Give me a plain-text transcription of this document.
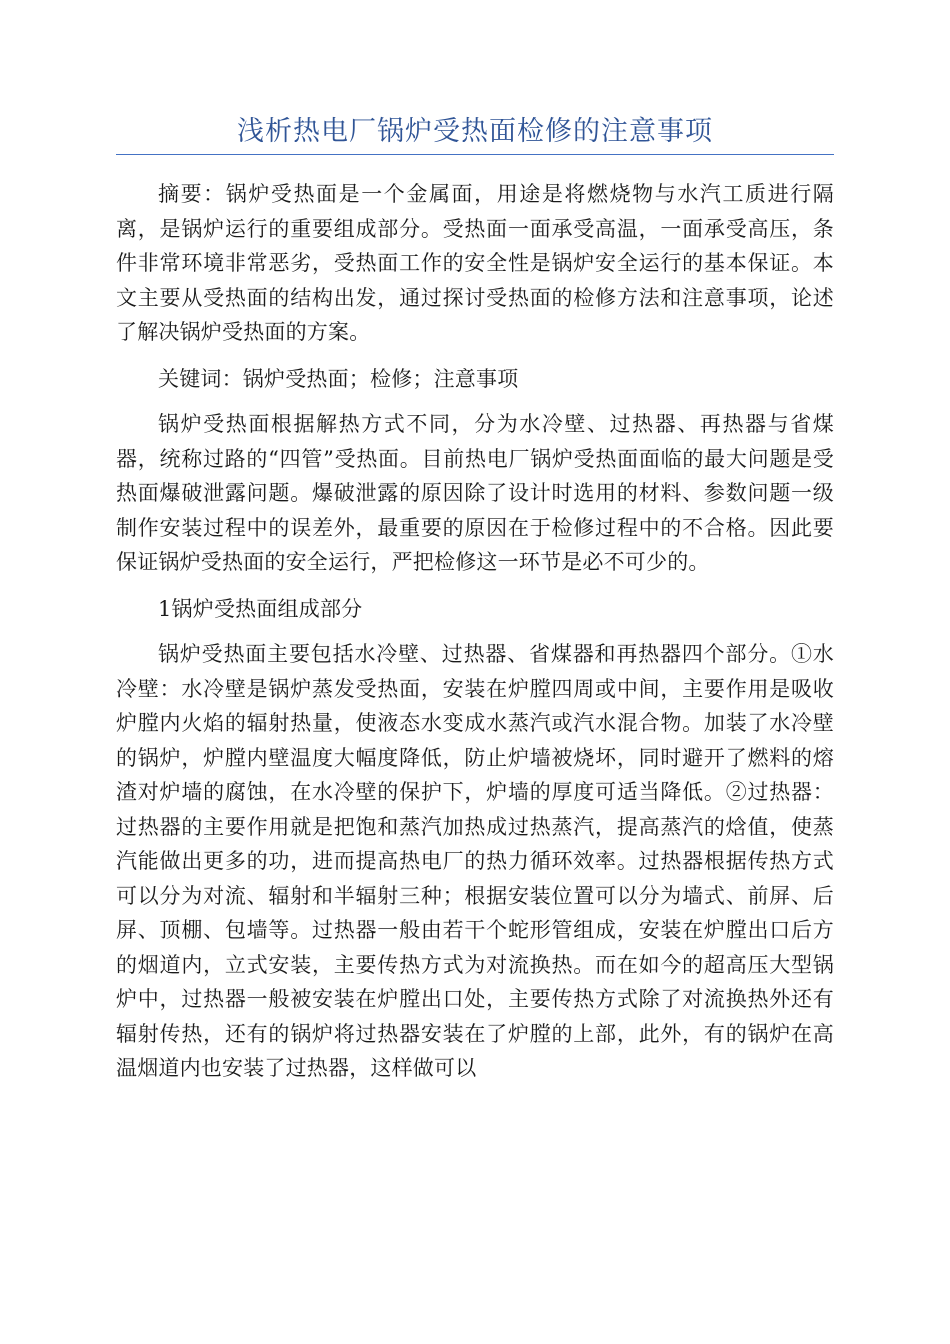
浅析热电厂锅炉受热面检修的注意事项

摘要：锅炉受热面是一个金属面，用途是将燃烧物与水汽工质进行隔离，是锅炉运行的重要组成部分。受热面一面承受高温，一面承受高压，条件非常环境非常恶劣，受热面工作的安全性是锅炉安全运行的基本保证。本文主要从受热面的结构出发，通过探讨受热面的检修方法和注意事项，论述了解决锅炉受热面的方案。

关键词：锅炉受热面；检修；注意事项

锅炉受热面根据解热方式不同，分为水冷壁、过热器、再热器与省煤器，统称过路的“四管”受热面。目前热电厂锅炉受热面面临的最大问题是受热面爆破泄露问题。爆破泄露的原因除了设计时选用的材料、参数问题一级制作安装过程中的误差外，最重要的原因在于检修过程中的不合格。因此要保证锅炉受热面的安全运行，严把检修这一环节是必不可少的。

1锅炉受热面组成部分

锅炉受热面主要包括水冷壁、过热器、省煤器和再热器四个部分。①水冷壁：水冷壁是锅炉蒸发受热面，安装在炉膛四周或中间，主要作用是吸收炉膛内火焰的辐射热量，使液态水变成水蒸汽或汽水混合物。加装了水冷壁的锅炉，炉膛内壁温度大幅度降低，防止炉墙被烧坏，同时避开了燃料的熔渣对炉墙的腐蚀，在水冷壁的保护下，炉墙的厚度可适当降低。②过热器：过热器的主要作用就是把饱和蒸汽加热成过热蒸汽，提高蒸汽的焓值，使蒸汽能做出更多的功，进而提高热电厂的热力循环效率。过热器根据传热方式可以分为对流、辐射和半辐射三种；根据安装位置可以分为墙式、前屏、后屏、顶棚、包墙等。过热器一般由若干个蛇形管组成，安装在炉膛出口后方的烟道内，立式安装，主要传热方式为对流换热。而在如今的超高压大型锅炉中，过热器一般被安装在炉膛出口处，主要传热方式除了对流换热外还有辐射传热，还有的锅炉将过热器安装在了炉膛的上部，此外，有的锅炉在高温烟道内也安装了过热器，这样做可以
